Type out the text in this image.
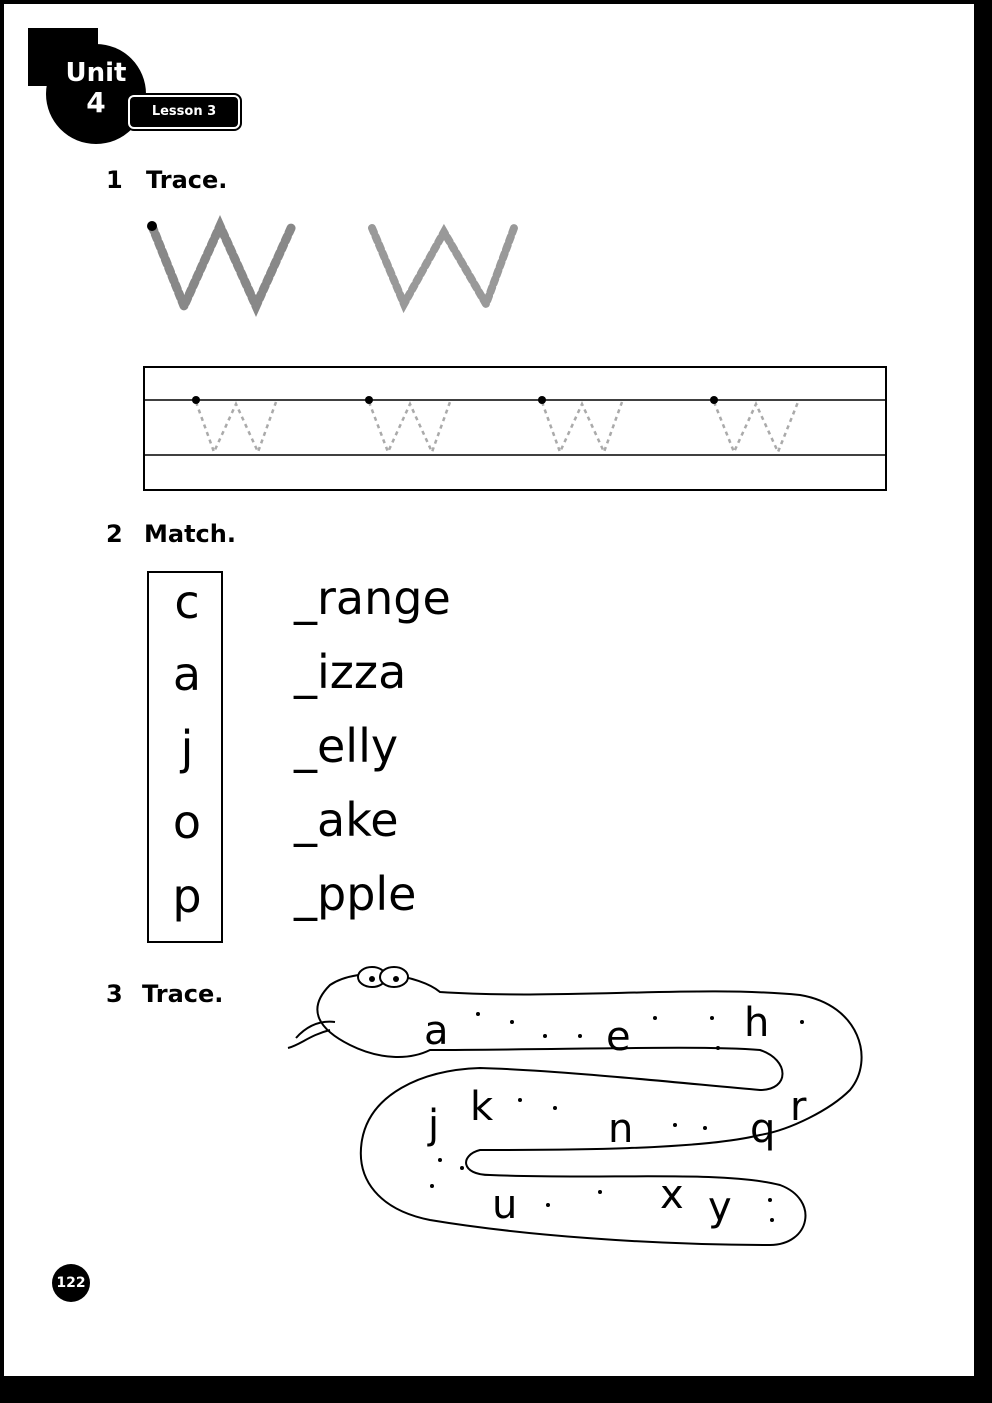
Unit
4	Lesson 3
1 Trace.
a	e	h
j k	n	q r
u	x y
W w w w w w
2 Match.
c
a
j
o
p
_range
_izza
_elly
_ake
_pple
3 Trace.
122
